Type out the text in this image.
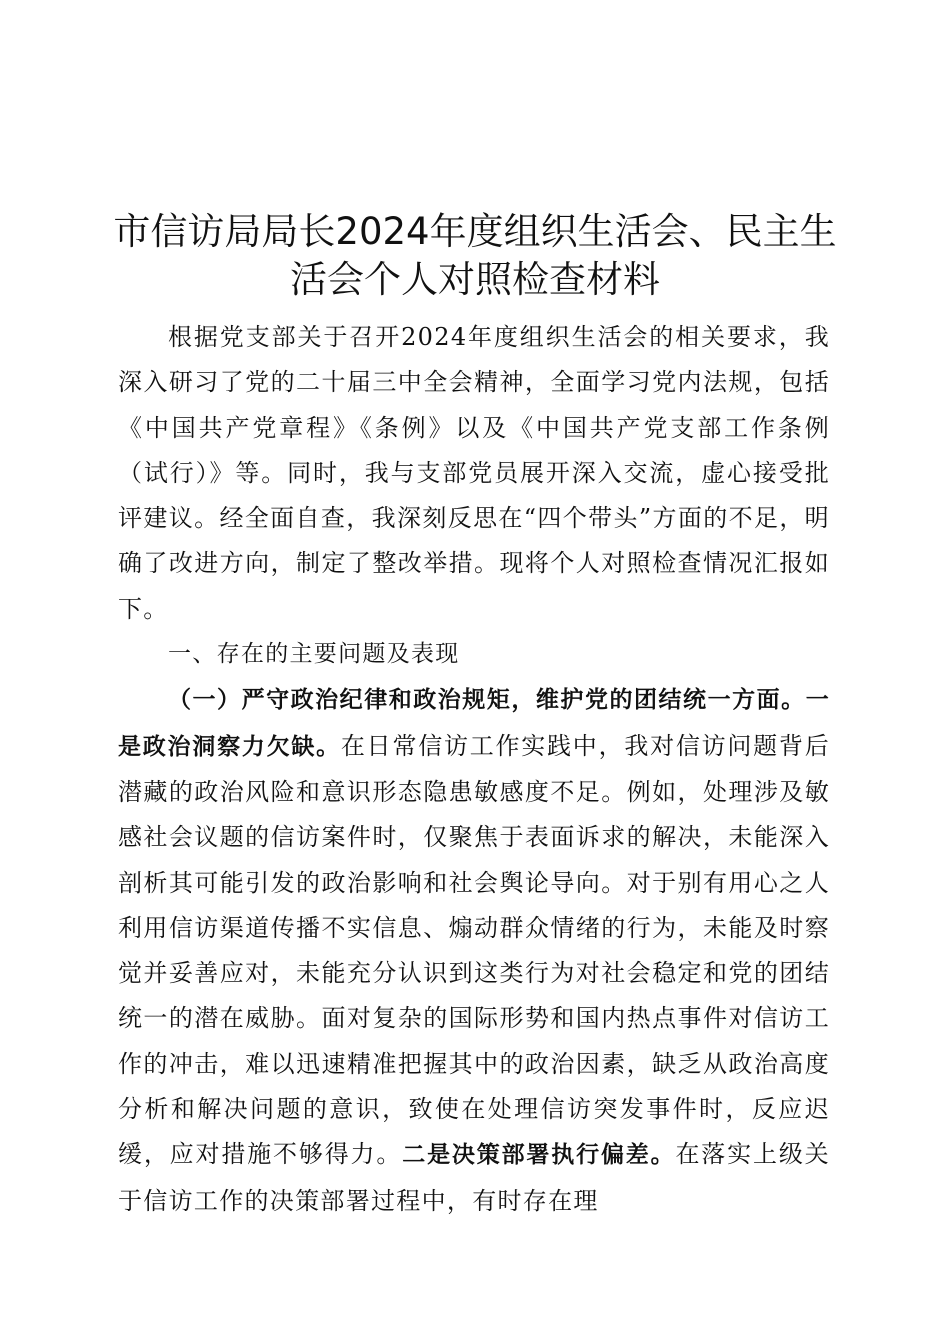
市信访局局长2024年度组织生活会、民主生
活会个人对照检查材料

根据党支部关于召开2024年度组织生活会的相关要求，我深入研习了党的二十届三中全会精神，全面学习党内法规，包括《中国共产党章程》《条例》以及《中国共产党支部工作条例（试行）》等。同时，我与支部党员展开深入交流，虚心接受批评建议。经全面自查，我深刻反思在“四个带头”方面的不足，明确了改进方向，制定了整改举措。现将个人对照检查情况汇报如下。

一、存在的主要问题及表现

（一）严守政治纪律和政治规矩，维护党的团结统一方面。一是政治洞察力欠缺。在日常信访工作实践中，我对信访问题背后潜藏的政治风险和意识形态隐患敏感度不足。例如，处理涉及敏感社会议题的信访案件时，仅聚焦于表面诉求的解决，未能深入剖析其可能引发的政治影响和社会舆论导向。对于别有用心之人利用信访渠道传播不实信息、煽动群众情绪的行为，未能及时察觉并妥善应对，未能充分认识到这类行为对社会稳定和党的团结统一的潜在威胁。面对复杂的国际形势和国内热点事件对信访工作的冲击，难以迅速精准把握其中的政治因素，缺乏从政治高度分析和解决问题的意识，致使在处理信访突发事件时，反应迟缓，应对措施不够得力。二是决策部署执行偏差。在落实上级关于信访工作的决策部署过程中，有时存在理
